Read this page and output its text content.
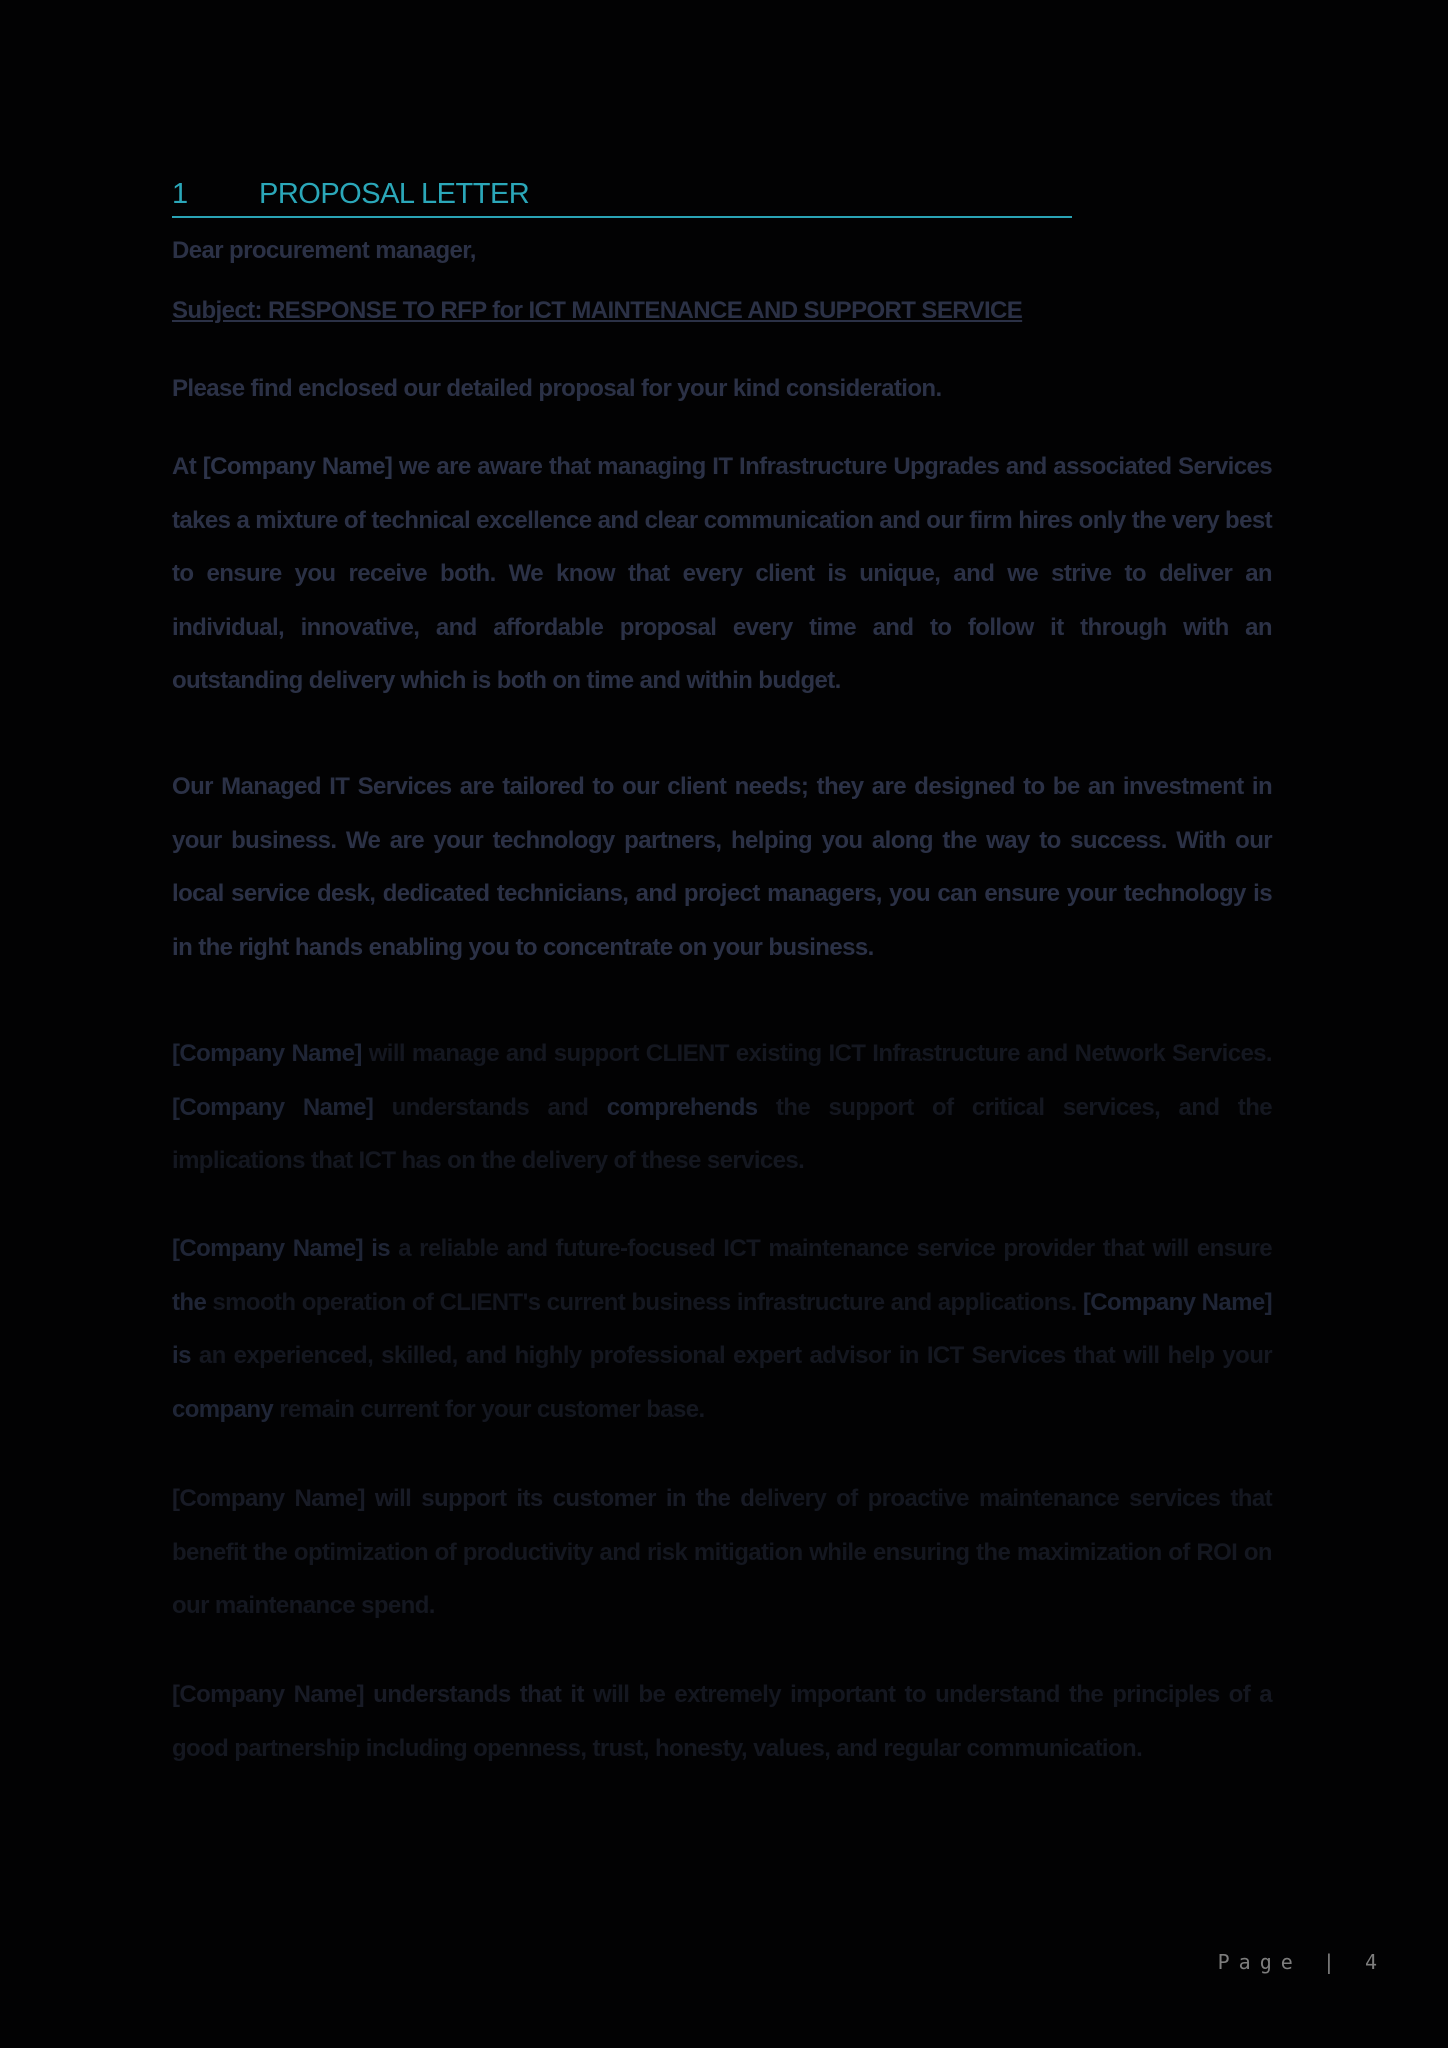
1 PROPOSAL LETTER
Dear procurement manager,
Subject: RESPONSE TO RFP for ICT MAINTENANCE AND SUPPORT SERVICE
Please find enclosed our detailed proposal for your kind consideration.

At [Company Name] we are aware that managing IT Infrastructure Upgrades and associated Services takes a mixture of technical excellence and clear communication and our firm hires only the very best to ensure you receive both. We know that every client is unique, and we strive to deliver an individual, innovative, and affordable proposal every time and to follow it through with an outstanding delivery which is both on time and within budget.

Our Managed IT Services are tailored to our client needs; they are designed to be an investment in your business. We are your technology partners, helping you along the way to success. With our local service desk, dedicated technicians, and project managers, you can ensure your technology is in the right hands enabling you to concentrate on your business.

[Company Name] will manage and support CLIENT existing ICT Infrastructure and Network Services. [Company Name] understands and comprehends the support of critical services, and the implications that ICT has on the delivery of these services.

[Company Name] is a reliable and future-focused ICT maintenance service provider that will ensure the smooth operation of CLIENT's current business infrastructure and applications. [Company Name] is an experienced, skilled, and highly professional expert advisor in ICT Services that will help your company remain current for your customer base.

[Company Name] will support its customer in the delivery of proactive maintenance services that benefit the optimization of productivity and risk mitigation while ensuring the maximization of ROI on our maintenance spend.

[Company Name] understands that it will be extremely important to understand the principles of a good partnership including openness, trust, honesty, values, and regular communication.

Page | 4
